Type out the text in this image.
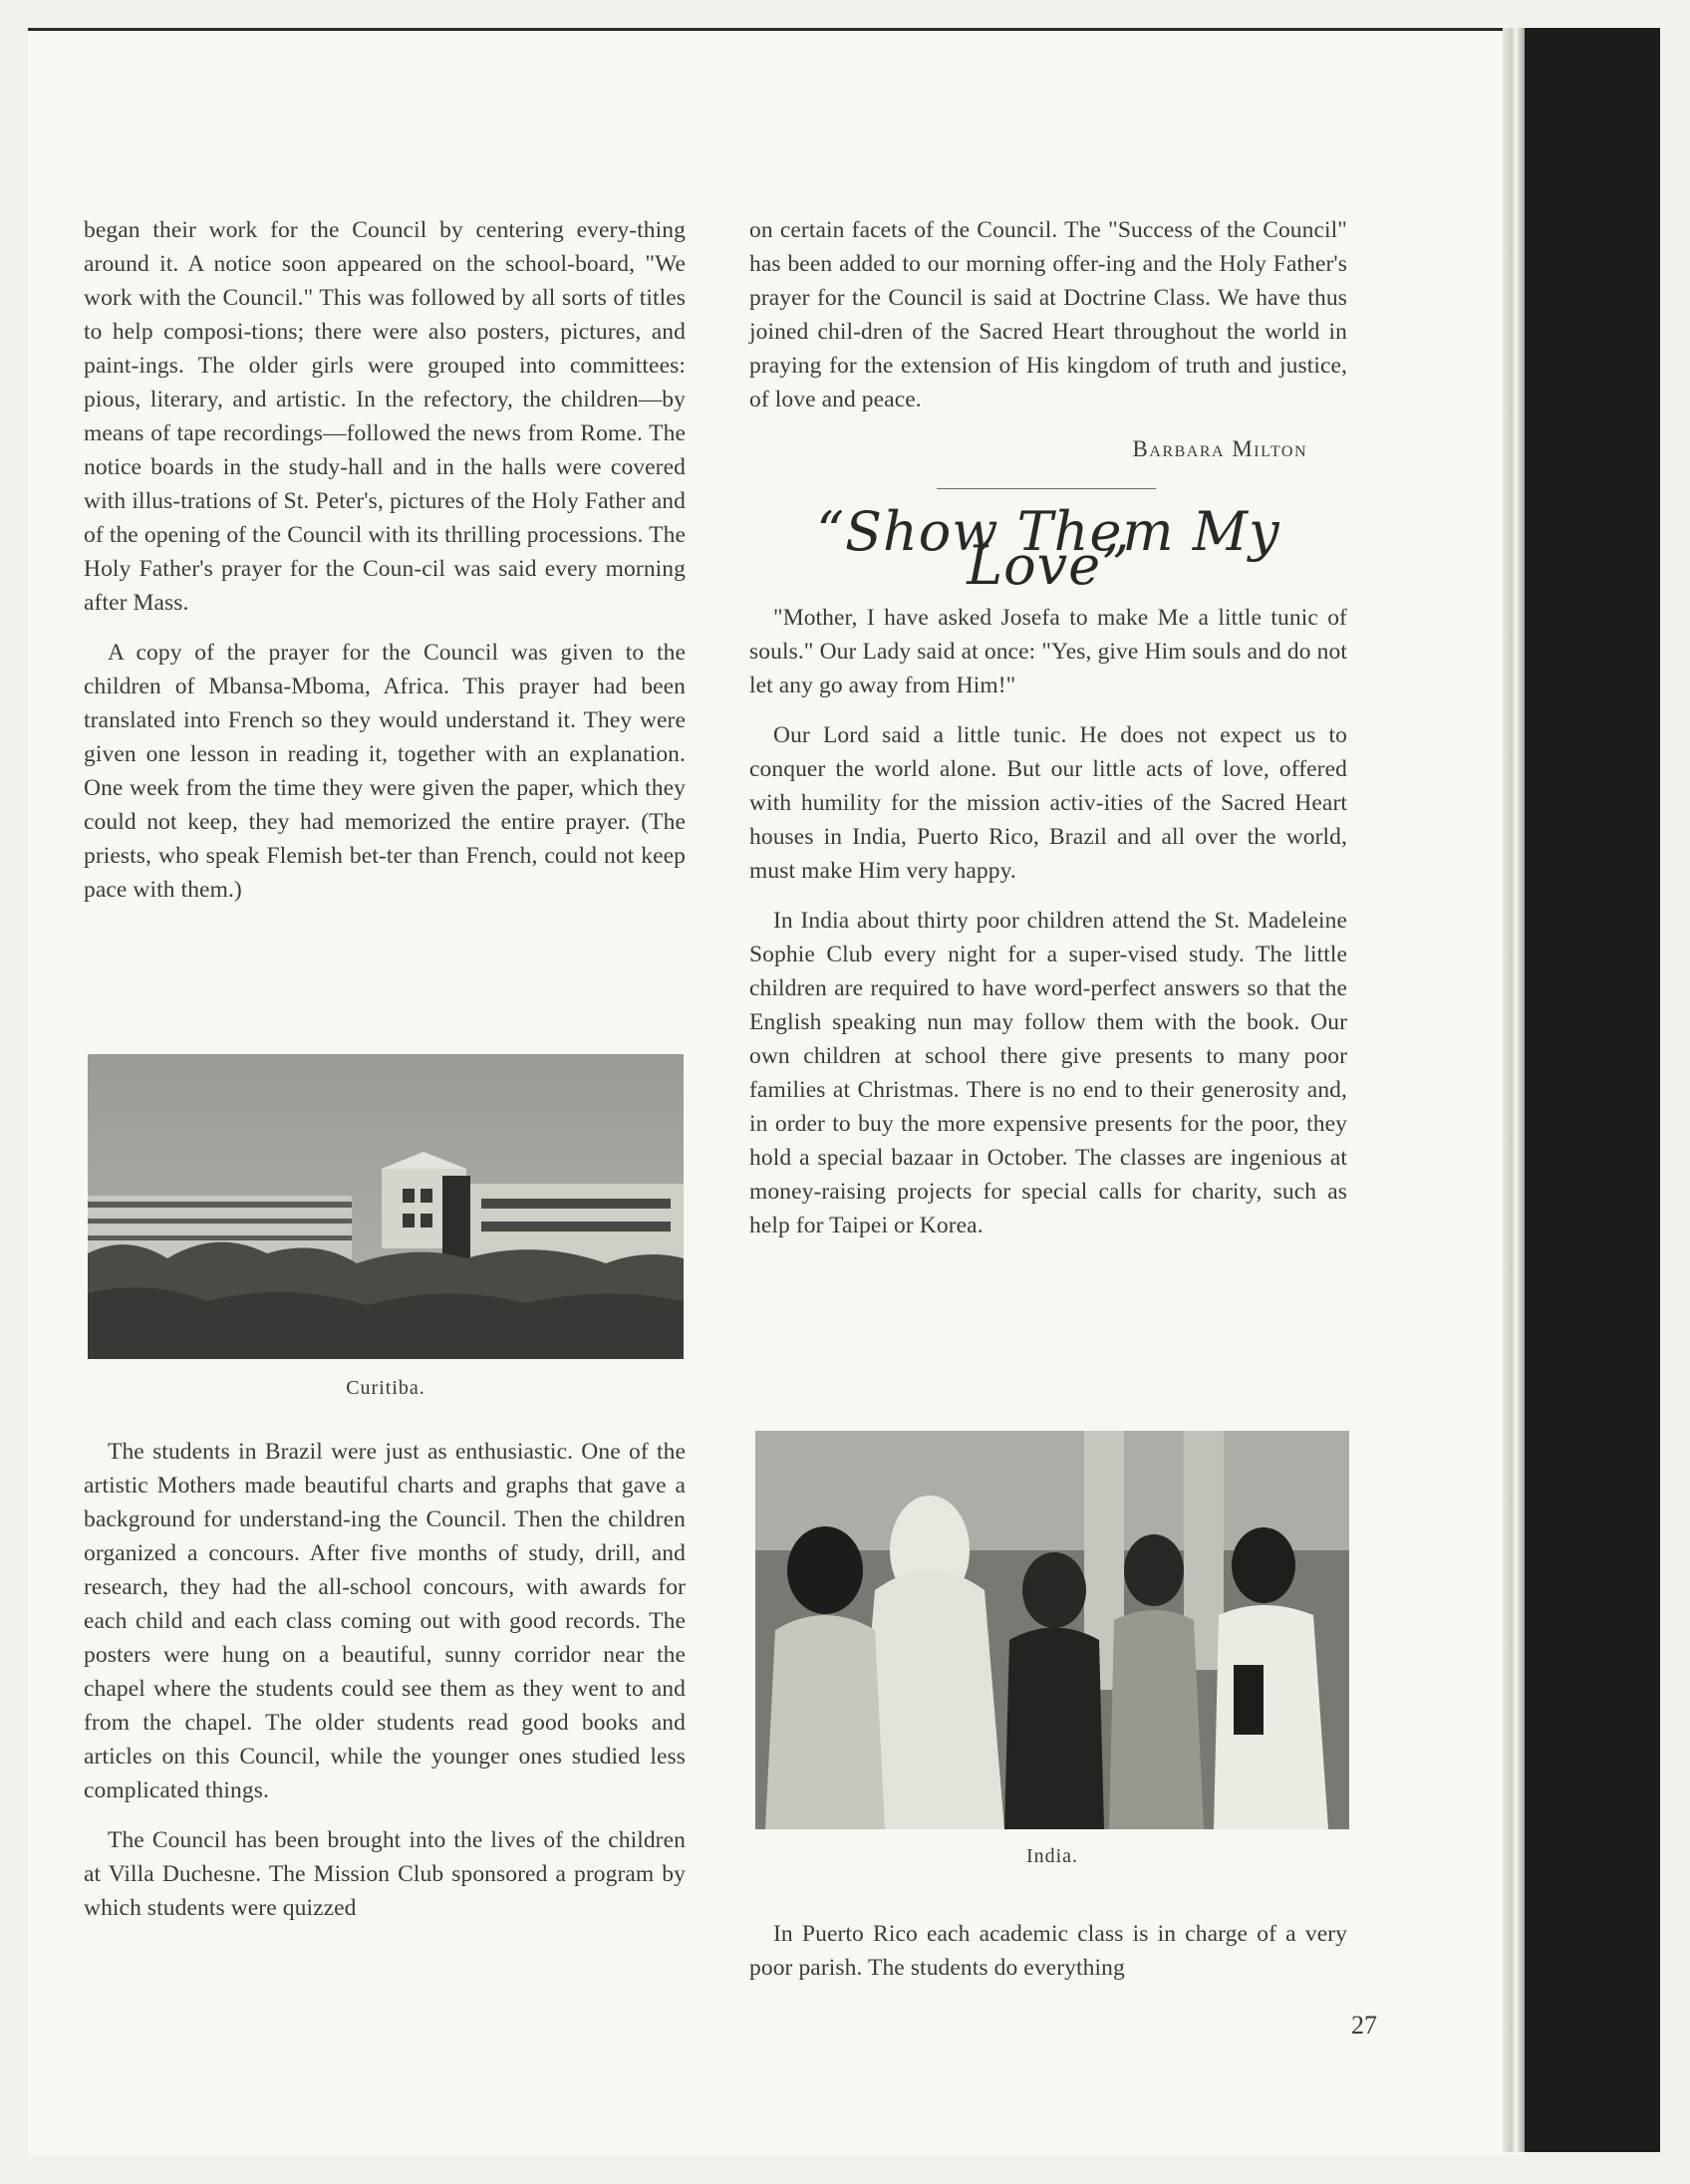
began their work for the Council by centering every-thing around it. A notice soon appeared on the school-board, "We work with the Council." This was followed by all sorts of titles to help composi-tions; there were also posters, pictures, and paint-ings. The older girls were grouped into committees: pious, literary, and artistic. In the refectory, the children—by means of tape recordings—followed the news from Rome. The notice boards in the study-hall and in the halls were covered with illus-trations of St. Peter's, pictures of the Holy Father and of the opening of the Council with its thrilling processions. The Holy Father's prayer for the Coun-cil was said every morning after Mass.

A copy of the prayer for the Council was given to the children of Mbansa-Mboma, Africa. This prayer had been translated into French so they would understand it. They were given one lesson in reading it, together with an explanation. One week from the time they were given the paper, which they could not keep, they had memorized the entire prayer. (The priests, who speak Flemish bet-ter than French, could not keep pace with them.)

Curitiba.

The students in Brazil were just as enthusiastic. One of the artistic Mothers made beautiful charts and graphs that gave a background for understand-ing the Council. Then the children organized a concours. After five months of study, drill, and research, they had the all-school concours, with awards for each child and each class coming out with good records. The posters were hung on a beautiful, sunny corridor near the chapel where the students could see them as they went to and from the chapel. The older students read good books and articles on this Council, while the younger ones studied less complicated things.

The Council has been brought into the lives of the children at Villa Duchesne. The Mission Club sponsored a program by which students were quizzed

on certain facets of the Council. The "Success of the Council" has been added to our morning offer-ing and the Holy Father's prayer for the Council is said at Doctrine Class. We have thus joined chil-dren of the Sacred Heart throughout the world in praying for the extension of His kingdom of truth and justice, of love and peace.

Barbara Milton
“Show Them My Love”

"Mother, I have asked Josefa to make Me a little tunic of souls." Our Lady said at once: "Yes, give Him souls and do not let any go away from Him!"

Our Lord said a little tunic. He does not expect us to conquer the world alone. But our little acts of love, offered with humility for the mission activ-ities of the Sacred Heart houses in India, Puerto Rico, Brazil and all over the world, must make Him very happy.

In India about thirty poor children attend the St. Madeleine Sophie Club every night for a super-vised study. The little children are required to have word-perfect answers so that the English speaking nun may follow them with the book. Our own children at school there give presents to many poor families at Christmas. There is no end to their generosity and, in order to buy the more expensive presents for the poor, they hold a special bazaar in October. The classes are ingenious at money-raising projects for special calls for charity, such as help for Taipei or Korea.

India.

In Puerto Rico each academic class is in charge of a very poor parish. The students do everything

27
